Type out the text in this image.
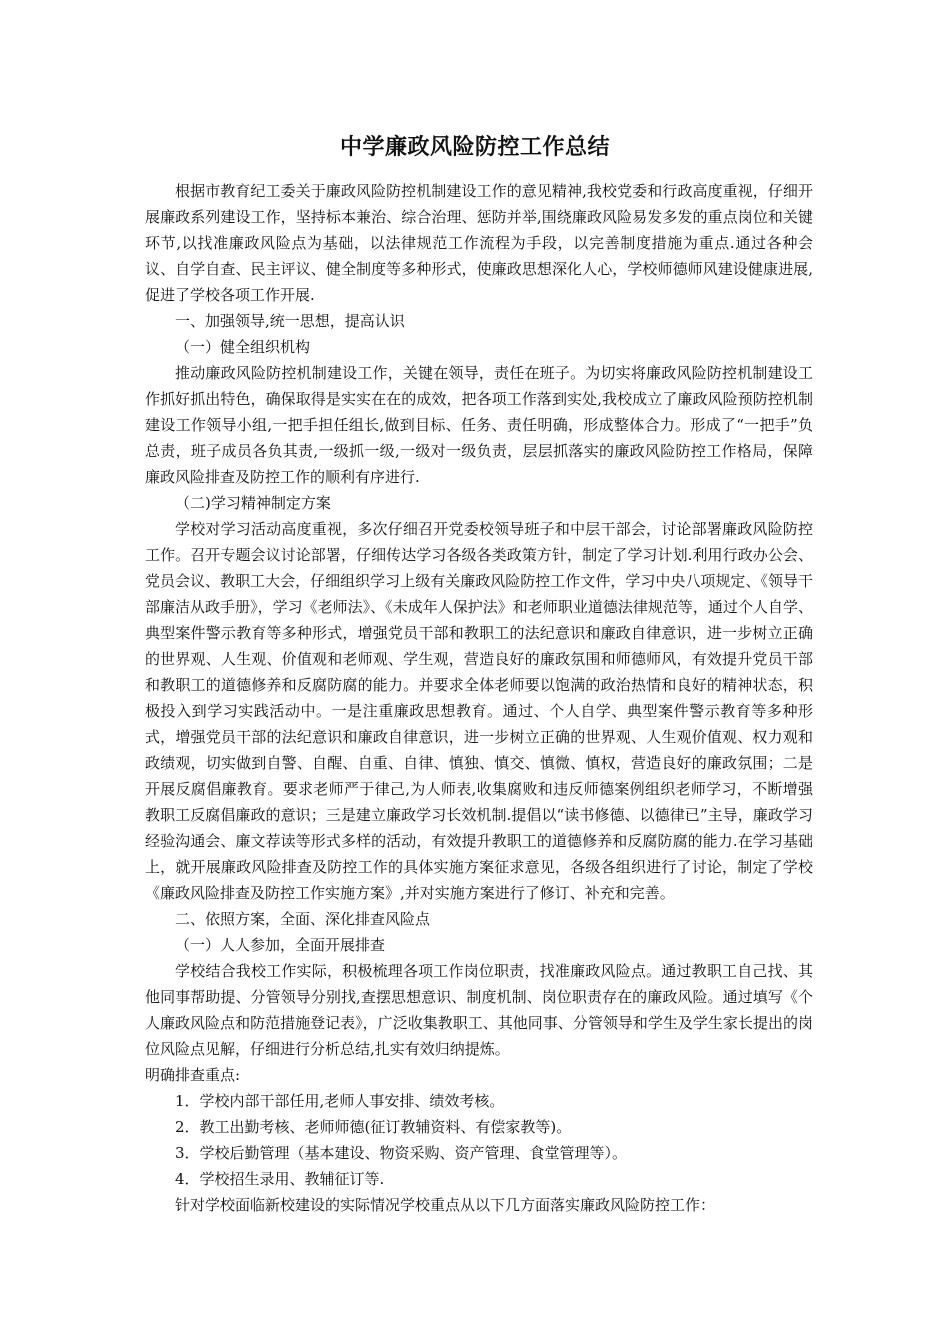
中学廉政风险防控工作总结

根据市教育纪工委关于廉政风险防控机制建设工作的意见精神,我校党委和行政高度重视，仔细开展廉政系列建设工作，坚持标本兼治、综合治理、惩防并举,围绕廉政风险易发多发的重点岗位和关键环节,以找准廉政风险点为基础，以法律规范工作流程为手段，以完善制度措施为重点.通过各种会议、自学自查、民主评议、健全制度等多种形式，使廉政思想深化人心，学校师德师风建设健康进展,促进了学校各项工作开展.

一、加强领导,统一思想，提高认识

（一）健全组织机构

推动廉政风险防控机制建设工作，关键在领导，责任在班子。为切实将廉政风险防控机制建设工作抓好抓出特色，确保取得是实实在在的成效，把各项工作落到实处,我校成立了廉政风险预防控机制建设工作领导小组,一把手担任组长,做到目标、任务、责任明确，形成整体合力。形成了“一把手”负总责，班子成员各负其责,一级抓一级,一级对一级负责，层层抓落实的廉政风险防控工作格局，保障廉政风险排查及防控工作的顺利有序进行.

（二)学习精神制定方案

学校对学习活动高度重视，多次仔细召开党委校领导班子和中层干部会，讨论部署廉政风险防控工作。召开专题会议讨论部署，仔细传达学习各级各类政策方针，制定了学习计划.利用行政办公会、党员会议、教职工大会，仔细组织学习上级有关廉政风险防控工作文件，学习中央八项规定、《领导干部廉洁从政手册》，学习《老师法》、《未成年人保护法》和老师职业道德法律规范等，通过个人自学、典型案件警示教育等多种形式，增强党员干部和教职工的法纪意识和廉政自律意识，进一步树立正确的世界观、人生观、价值观和老师观、学生观，营造良好的廉政氛围和师德师风，有效提升党员干部和教职工的道德修养和反腐防腐的能力。并要求全体老师要以饱满的政治热情和良好的精神状态，积极投入到学习实践活动中。一是注重廉政思想教育。通过、个人自学、典型案件警示教育等多种形式，增强党员干部的法纪意识和廉政自律意识，进一步树立正确的世界观、人生观价值观、权力观和政绩观，切实做到自警、自醒、自重、自律、慎独、慎交、慎微、慎权，营造良好的廉政氛围；二是开展反腐倡廉教育。要求老师严于律己,为人师表,收集腐败和违反师德案例组织老师学习，不断增强教职工反腐倡廉政的意识；三是建立廉政学习长效机制.提倡以“读书修德、以德律已”主导，廉政学习经验沟通会、廉文荐读等形式多样的活动，有效提升教职工的道德修养和反腐防腐的能力.在学习基础上，就开展廉政风险排查及防控工作的具体实施方案征求意见，各级各组织进行了讨论，制定了学校《廉政风险排查及防控工作实施方案》,并对实施方案进行了修订、补充和完善。

二、依照方案，全面、深化排查风险点

（一）人人参加，全面开展排查

学校结合我校工作实际，积极梳理各项工作岗位职责，找准廉政风险点。通过教职工自己找、其他同事帮助提、分管领导分别找,查摆思想意识、制度机制、岗位职责存在的廉政风险。通过填写《个人廉政风险点和防范措施登记表》，广泛收集教职工、其他同事、分管领导和学生及学生家长提出的岗位风险点见解，仔细进行分析总结,扎实有效归纳提炼。

明确排查重点:

1．学校内部干部任用,老师人事安排、绩效考核。

2．教工出勤考核、老师师德(征订教辅资料、有偿家教等)。

3．学校后勤管理（基本建设、物资采购、资产管理、食堂管理等）。

4．学校招生录用、教辅征订等.

针对学校面临新校建设的实际情况学校重点从以下几方面落实廉政风险防控工作：
